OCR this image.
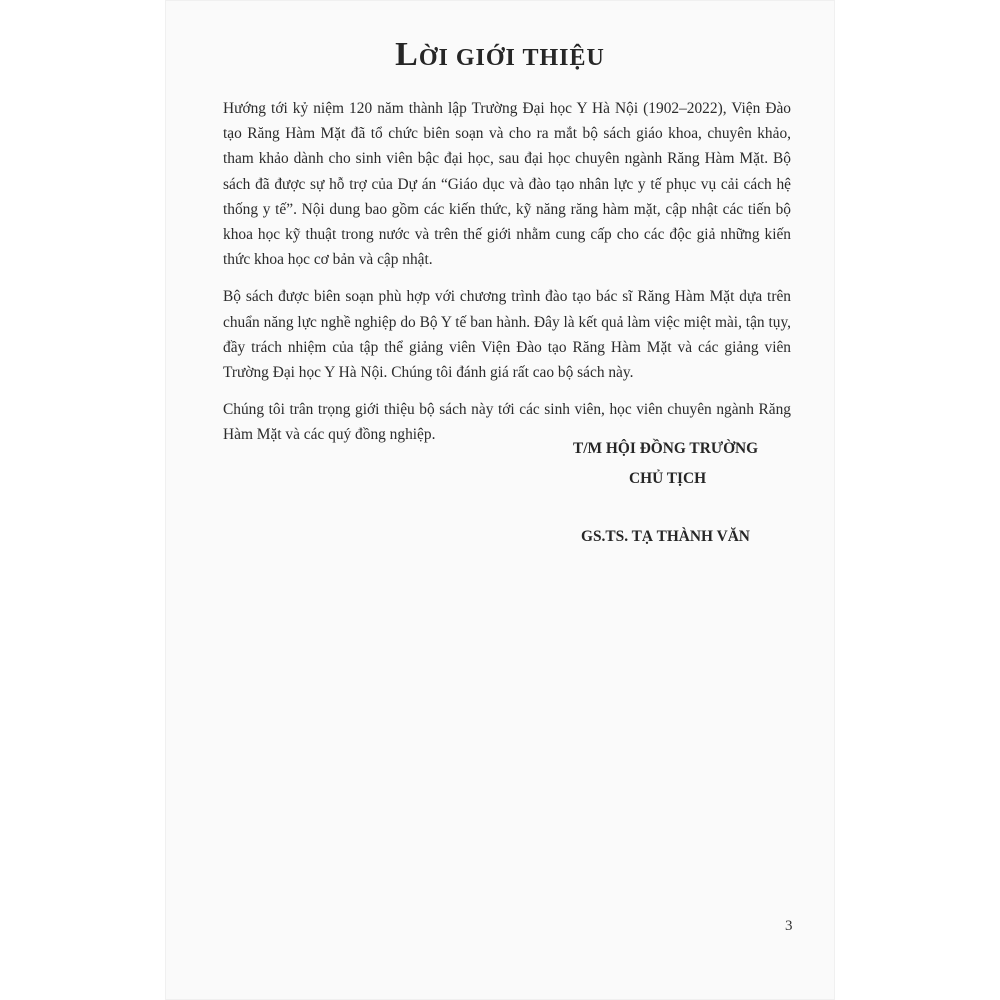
LỜI GIỚI THIỆU

Hướng tới kỷ niệm 120 năm thành lập Trường Đại học Y Hà Nội (1902–2022), Viện Đào tạo Răng Hàm Mặt đã tổ chức biên soạn và cho ra mắt bộ sách giáo khoa, chuyên khảo, tham khảo dành cho sinh viên bậc đại học, sau đại học chuyên ngành Răng Hàm Mặt. Bộ sách đã được sự hỗ trợ của Dự án “Giáo dục và đào tạo nhân lực y tế phục vụ cải cách hệ thống y tế”. Nội dung bao gồm các kiến thức, kỹ năng răng hàm mặt, cập nhật các tiến bộ khoa học kỹ thuật trong nước và trên thế giới nhằm cung cấp cho các độc giả những kiến thức khoa học cơ bản và cập nhật.

Bộ sách được biên soạn phù hợp với chương trình đào tạo bác sĩ Răng Hàm Mặt dựa trên chuẩn năng lực nghề nghiệp do Bộ Y tế ban hành. Đây là kết quả làm việc miệt mài, tận tụy, đầy trách nhiệm của tập thể giảng viên Viện Đào tạo Răng Hàm Mặt và các giảng viên Trường Đại học Y Hà Nội. Chúng tôi đánh giá rất cao bộ sách này.

Chúng tôi trân trọng giới thiệu bộ sách này tới các sinh viên, học viên chuyên ngành Răng Hàm Mặt và các quý đồng nghiệp.

T/M HỘI ĐỒNG TRƯỜNG
CHỦ TỊCH
GS.TS. TẠ THÀNH VĂN
3
